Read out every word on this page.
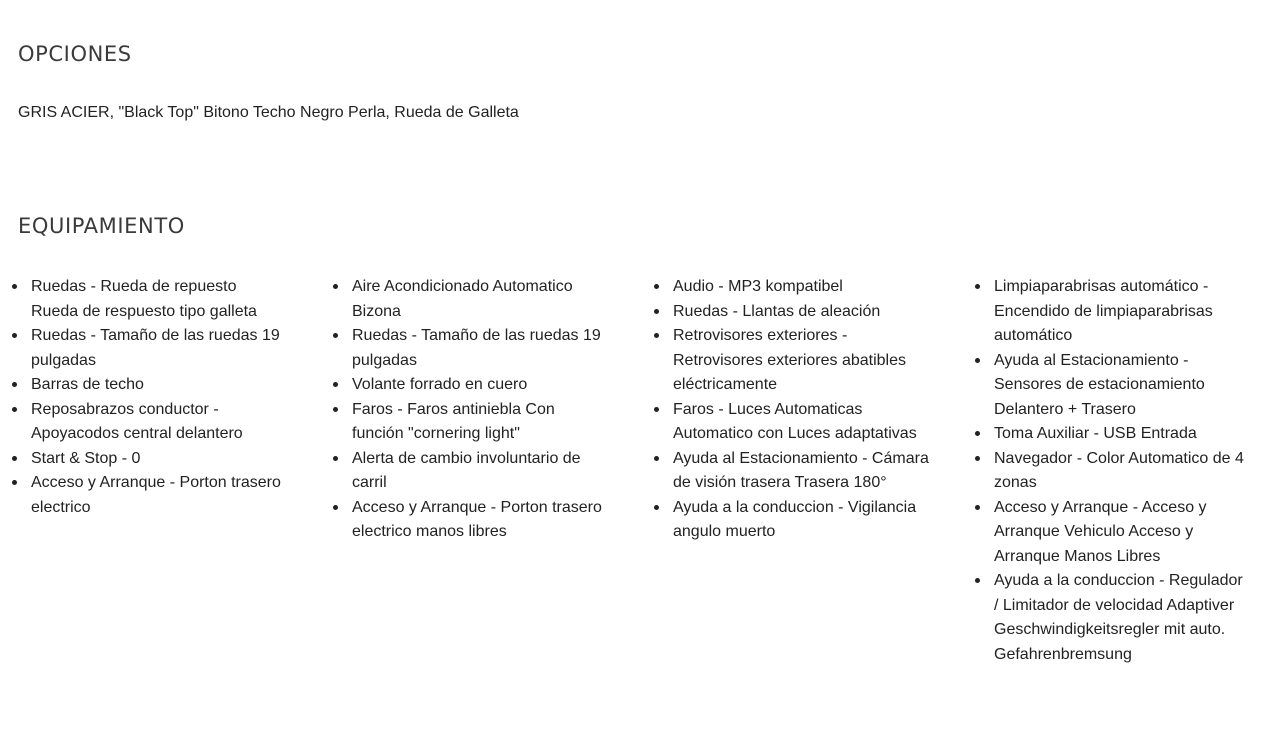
OPCIONES

GRIS ACIER, "Black Top" Bitono Techo Negro Perla, Rueda de Galleta

EQUIPAMIENTO
Ruedas - Rueda de repuesto Rueda de respuesto tipo galleta
Ruedas - Tamaño de las ruedas 19 pulgadas
Barras de techo
Reposabrazos conductor - Apoyacodos central delantero
Start & Stop - 0
Acceso y Arranque - Porton trasero electrico
Aire Acondicionado Automatico Bizona
Ruedas - Tamaño de las ruedas 19 pulgadas
Volante forrado en cuero
Faros - Faros antiniebla Con función "cornering light"
Alerta de cambio involuntario de carril
Acceso y Arranque - Porton trasero electrico manos libres
Audio - MP3 kompatibel
Ruedas - Llantas de aleación
Retrovisores exteriores - Retrovisores exteriores abatibles eléctricamente
Faros - Luces Automaticas Automatico con Luces adaptativas
Ayuda al Estacionamiento - Cámara de visión trasera Trasera 180°
Ayuda a la conduccion - Vigilancia angulo muerto
Limpiaparabrisas automático - Encendido de limpiaparabrisas automático
Ayuda al Estacionamiento - Sensores de estacionamiento Delantero + Trasero
Toma Auxiliar - USB Entrada
Navegador - Color Automatico de 4 zonas
Acceso y Arranque - Acceso y Arranque Vehiculo Acceso y Arranque Manos Libres
Ayuda a la conduccion - Regulador / Limitador de velocidad Adaptiver Geschwindigkeitsregler mit auto. Gefahrenbremsung
